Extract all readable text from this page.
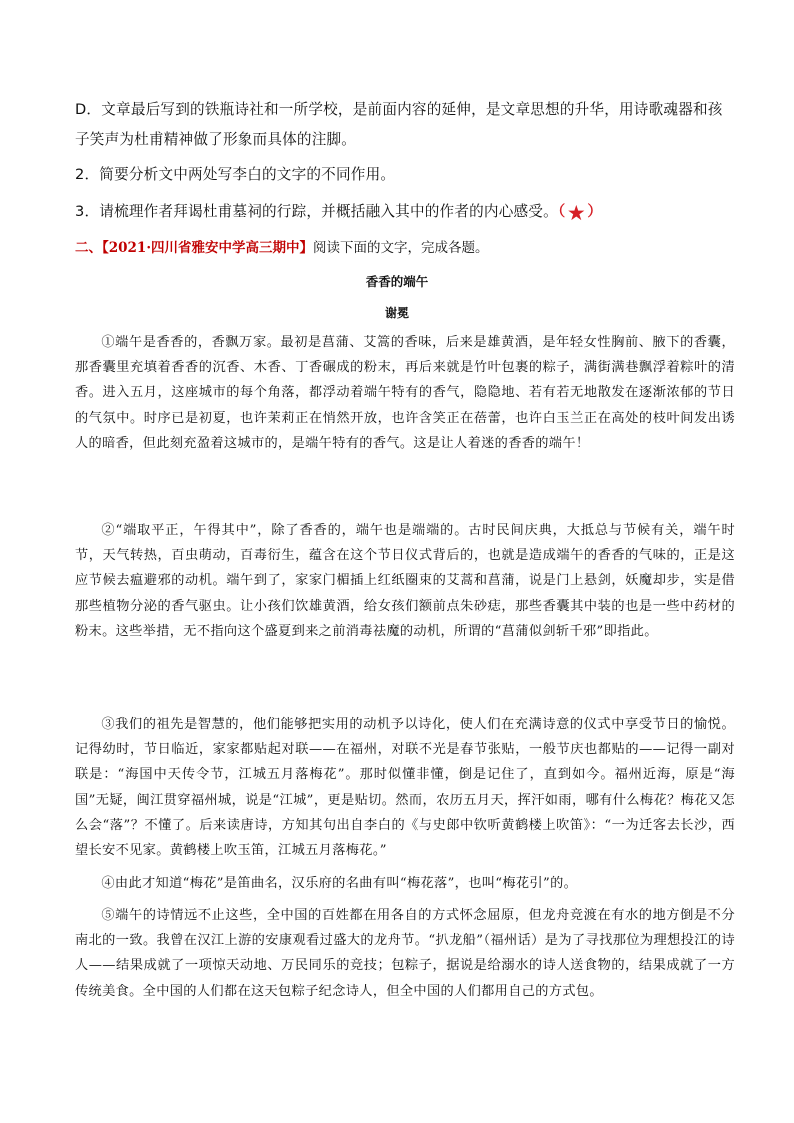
D．文章最后写到的铁瓶诗社和一所学校，是前面内容的延伸，是文章思想的升华，用诗歌魂器和孩子笑声为杜甫精神做了形象而具体的注脚。
2．简要分析文中两处写李白的文字的不同作用。
3．请梳理作者拜谒杜甫墓祠的行踪，并概括融入其中的作者的内心感受。（★）
二、【2021·四川省雅安中学高三期中】阅读下面的文字，完成各题。
香香的端午
谢冕

①端午是香香的，香飘万家。最初是菖蒲、艾篙的香味，后来是雄黄酒，是年轻女性胸前、腋下的香囊，那香囊里充填着香香的沉香、木香、丁香碾成的粉末，再后来就是竹叶包裹的粽子，满街满巷飘浮着粽叶的清香。进入五月，这座城市的每个角落，都浮动着端午特有的香气，隐隐地、若有若无地散发在逐渐浓郁的节日的气氛中。时序已是初夏，也许茉莉正在悄然开放，也许含笑正在蓓蕾，也许白玉兰正在高处的枝叶间发出诱人的暗香，但此刻充盈着这城市的，是端午特有的香气。这是让人着迷的香香的端午！

②“端取平正，午得其中”，除了香香的，端午也是端端的。古时民间庆典，大抵总与节候有关，端午时节，天气转热，百虫萌动，百毒衍生，蕴含在这个节日仪式背后的，也就是造成端午的香香的气味的，正是这应节候去瘟避邪的动机。端午到了，家家门楣插上红纸圈束的艾蒿和菖蒲，说是门上悬剑，妖魔却步，实是借那些植物分泌的香气驱虫。让小孩们饮雄黄酒，给女孩们额前点朱砂痣，那些香囊其中装的也是一些中药材的粉末。这些举措，无不指向这个盛夏到来之前消毒祛魔的动机，所谓的“菖蒲似剑斩千邪”即指此。

③我们的祖先是智慧的，他们能够把实用的动机予以诗化，使人们在充满诗意的仪式中享受节日的愉悦。记得幼时，节日临近，家家都贴起对联——在福州，对联不光是春节张贴，一般节庆也都贴的——记得一副对联是：“海国中天传令节，江城五月落梅花”。那时似懂非懂，倒是记住了，直到如今。福州近海，原是“海国”无疑，闽江贯穿福州城，说是“江城”，更是贴切。然而，农历五月天，挥汗如雨，哪有什么梅花？梅花又怎么会“落”？不懂了。后来读唐诗，方知其句出自李白的《与史郎中钦听黄鹤楼上吹笛》：“一为迁客去长沙，西望长安不见家。黄鹤楼上吹玉笛，江城五月落梅花。”

④由此才知道“梅花”是笛曲名，汉乐府的名曲有叫“梅花落”，也叫“梅花引”的。

⑤端午的诗情远不止这些，全中国的百姓都在用各自的方式怀念屈原，但龙舟竞渡在有水的地方倒是不分南北的一致。我曾在汉江上游的安康观看过盛大的龙舟节。“扒龙船”（福州话）是为了寻找那位为理想投江的诗人——结果成就了一项惊天动地、万民同乐的竞技；包粽子，据说是给溺水的诗人送食物的，结果成就了一方传统美食。全中国的人们都在这天包粽子纪念诗人，但全中国的人们都用自己的方式包。
